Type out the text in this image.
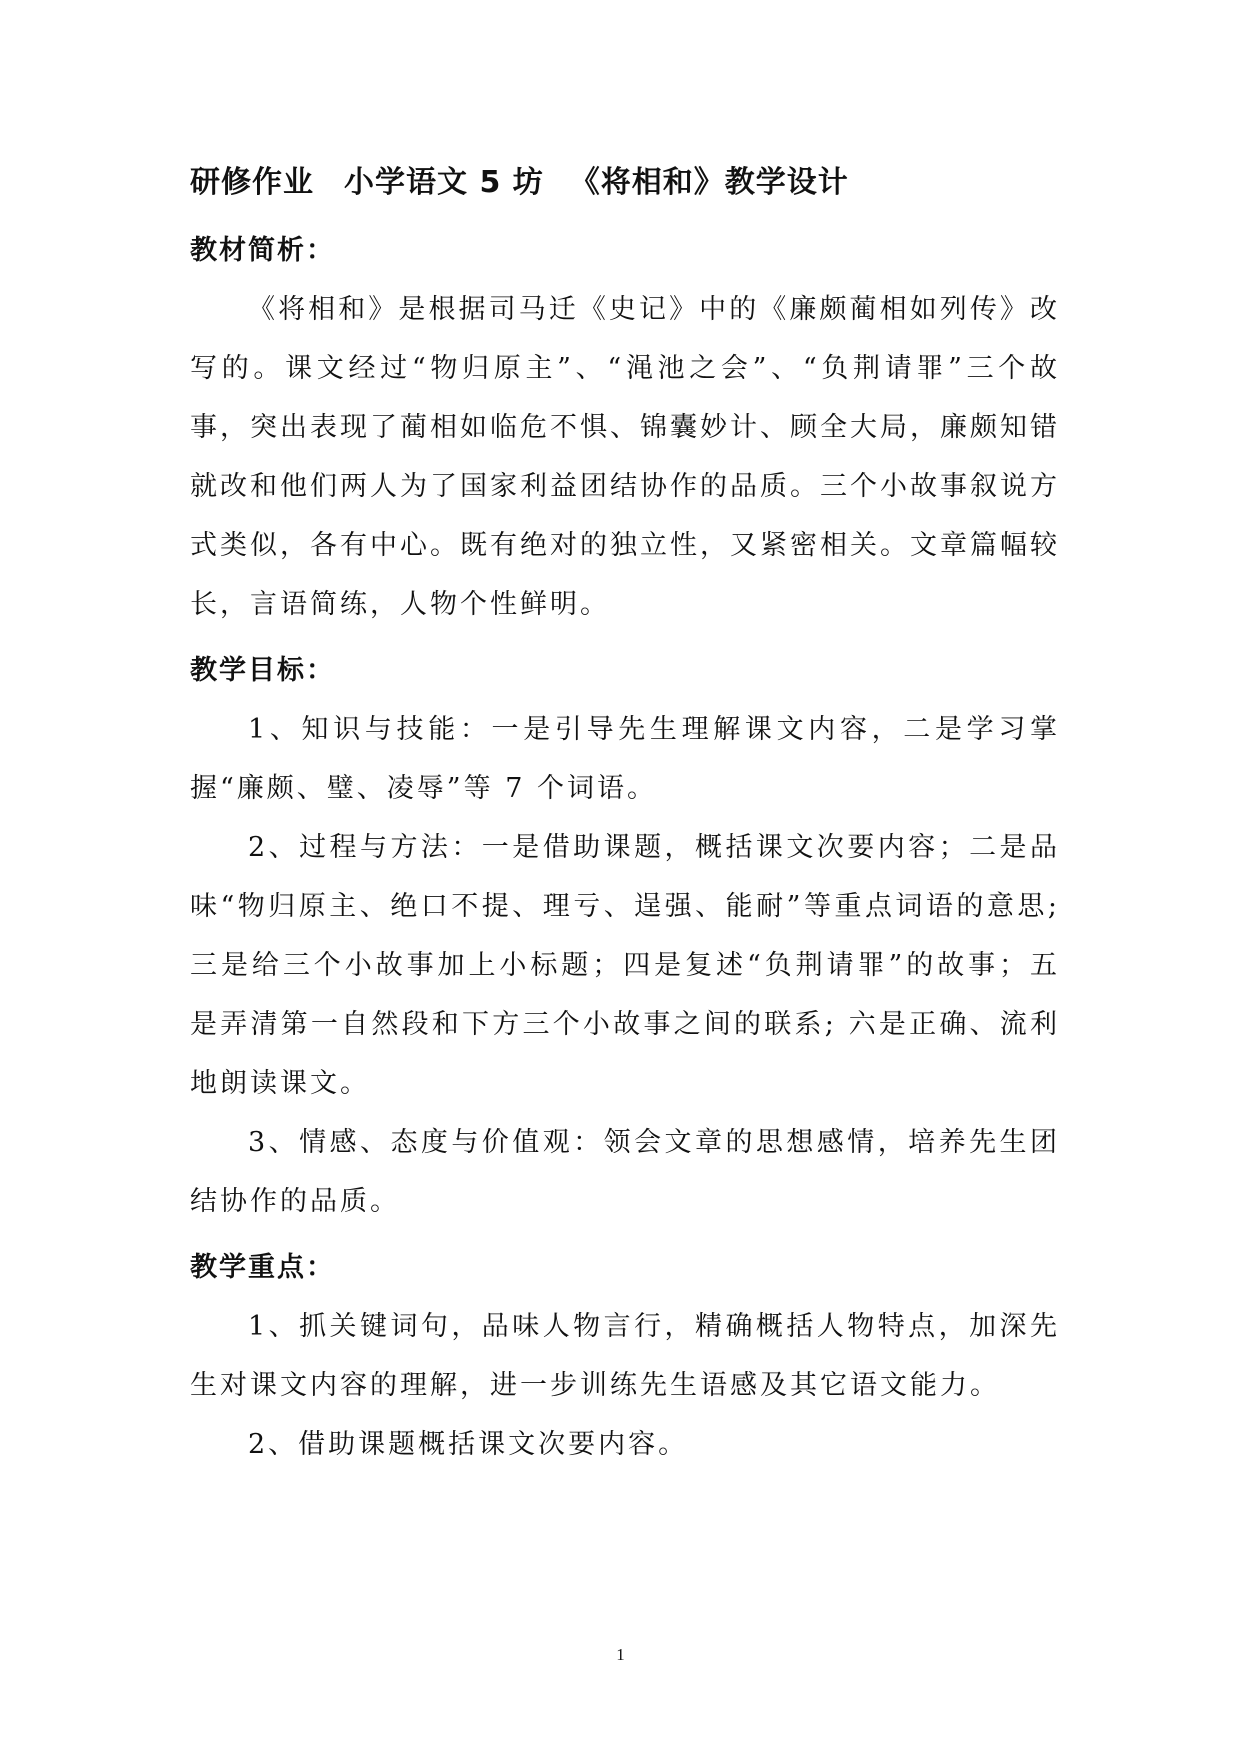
研修作业 小学语文 5 坊 《将相和》教学设计
教材简析：

《将相和》是根据司马迁《史记》中的《廉颇蔺相如列传》改写的。课文经过“物归原主”、“渑池之会”、“负荆请罪”三个故事，突出表现了蔺相如临危不惧、锦囊妙计、顾全大局，廉颇知错就改和他们两人为了国家利益团结协作的品质。三个小故事叙说方式类似，各有中心。既有绝对的独立性，又紧密相关。文章篇幅较长，言语简练，人物个性鲜明。

教学目标：

1、知识与技能：一是引导先生理解课文内容，二是学习掌握“廉颇、璧、凌辱”等 7 个词语。

2、过程与方法：一是借助课题，概括课文次要内容；二是品味“物归原主、绝口不提、理亏、逞强、能耐”等重点词语的意思;三是给三个小故事加上小标题；四是复述“负荆请罪”的故事；五是弄清第一自然段和下方三个小故事之间的联系; 六是正确、流利地朗读课文。

3、情感、态度与价值观：领会文章的思想感情，培养先生团结协作的品质。

教学重点：

1、抓关键词句，品味人物言行，精确概括人物特点，加深先生对课文内容的理解，进一步训练先生语感及其它语文能力。

2、借助课题概括课文次要内容。

1
